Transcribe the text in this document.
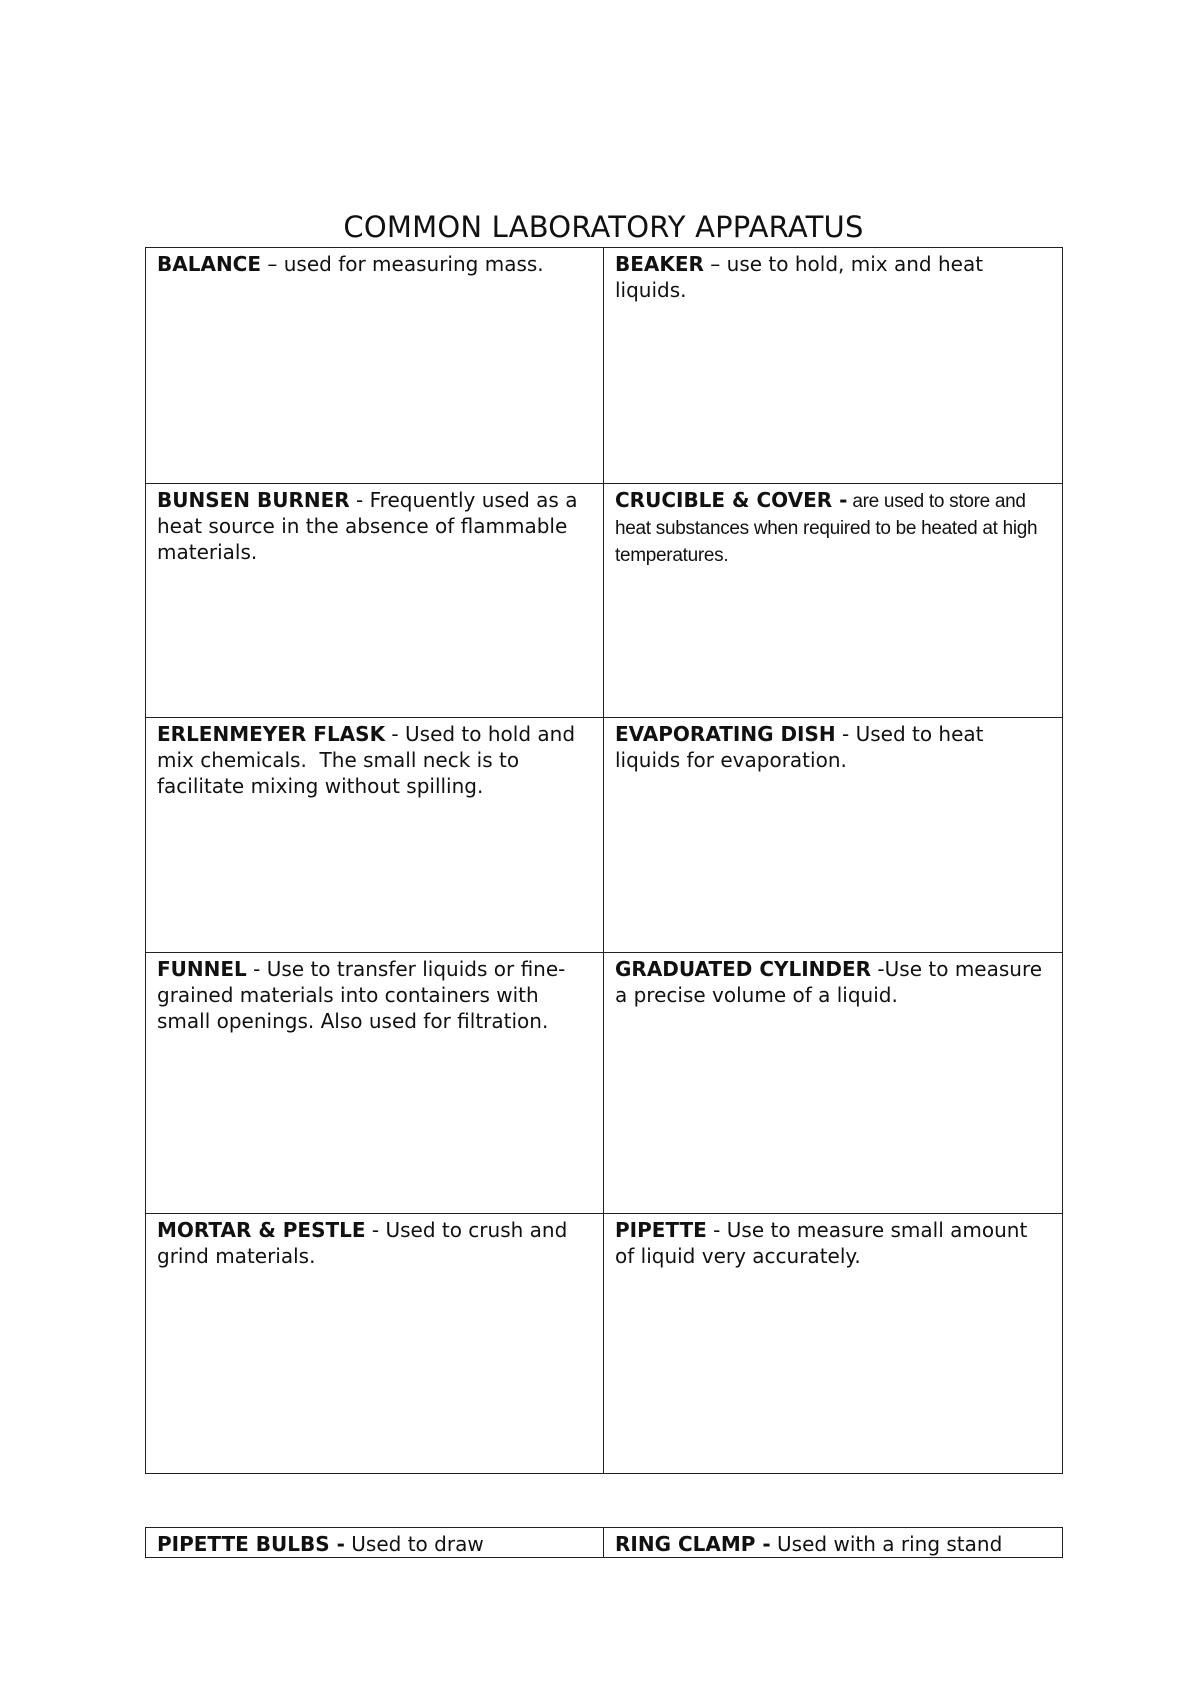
COMMON LABORATORY APPARATUS
BALANCE – used for measuring mass.	BEAKER – use to hold, mix and heat liquids.
BUNSEN BURNER - Frequently used as a heat source in the absence of flammable materials.	CRUCIBLE & COVER - are used to store and heat substances when required to be heated at high temperatures.
ERLENMEYER FLASK - Used to hold and mix chemicals.  The small neck is to facilitate mixing without spilling.	EVAPORATING DISH - Used to heat liquids for evaporation.
FUNNEL - Use to transfer liquids or fine-grained materials into containers with small openings. Also used for filtration.	GRADUATED CYLINDER -Use to measure a precise volume of a liquid.
MORTAR & PESTLE - Used to crush and grind materials.	PIPETTE - Use to measure small amount of liquid very accurately.
PIPETTE BULBS - Used to draw	RING CLAMP - Used with a ring stand
